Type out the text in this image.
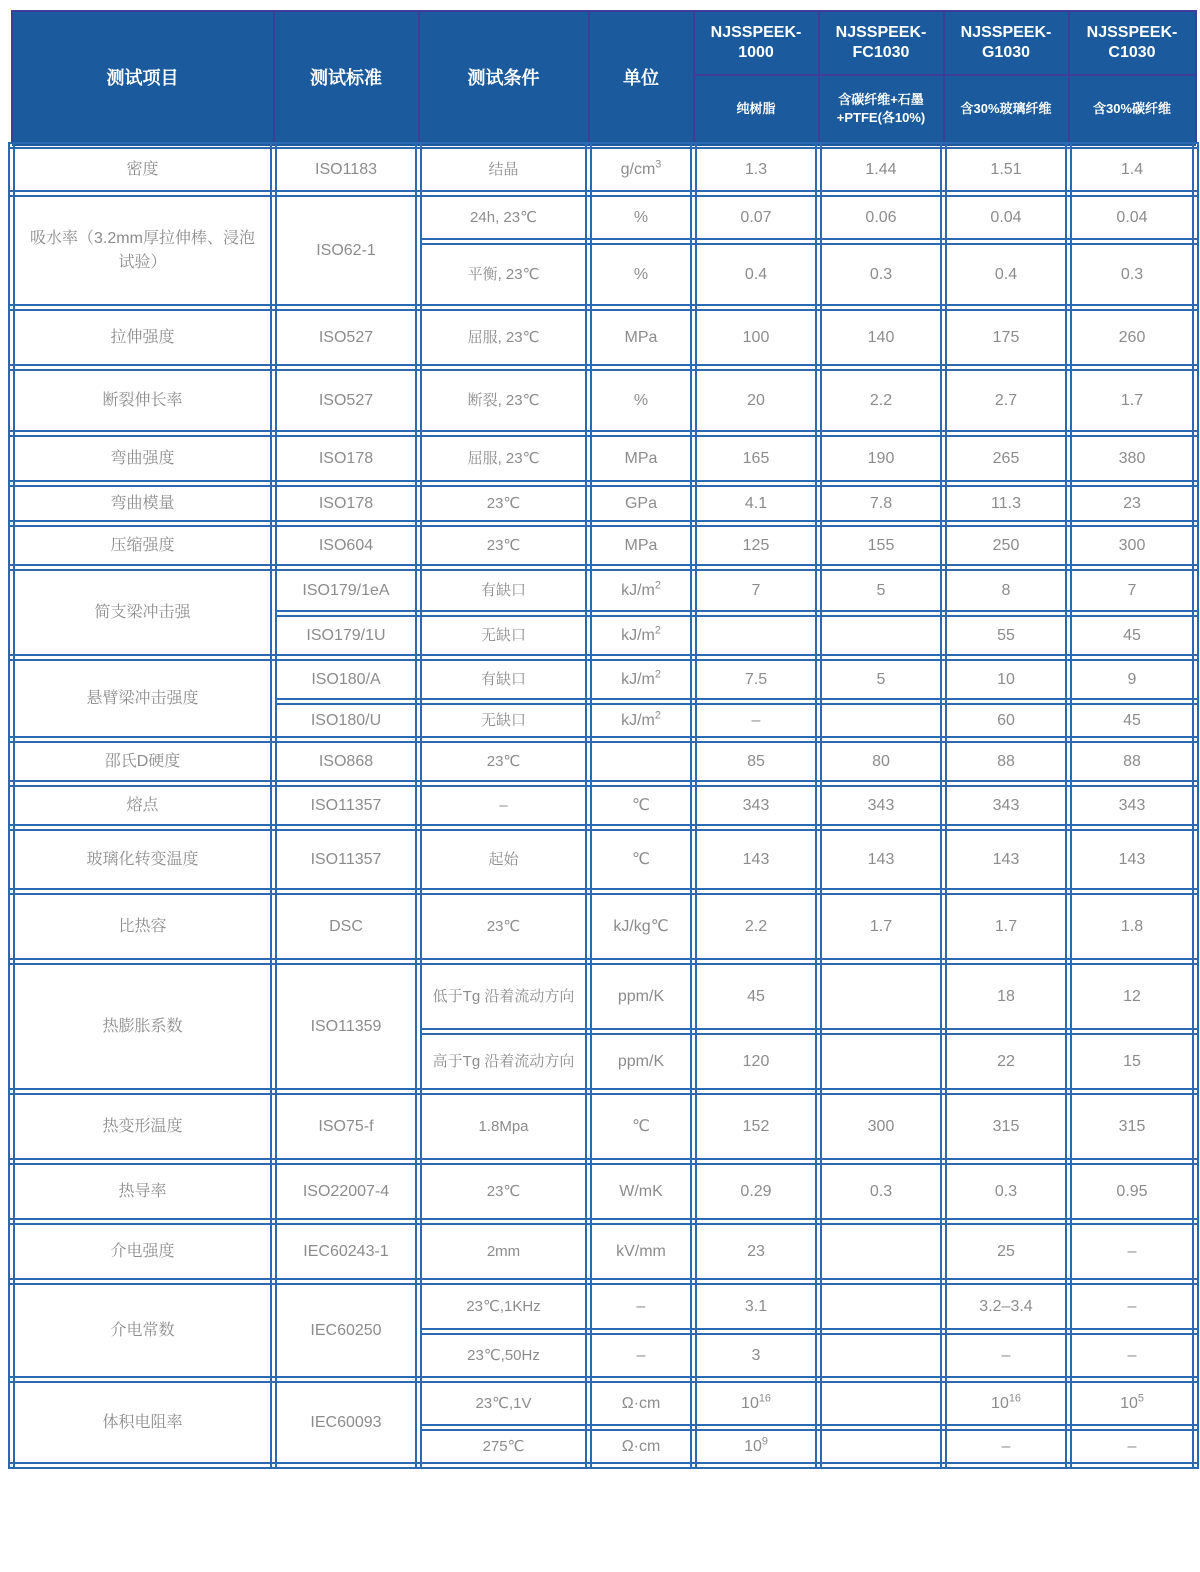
测试项目	测试标准	测试条件	单位	NJSSPEEK-1000	NJSSPEEK-FC1030	NJSSPEEK-G1030	NJSSPEEK-C1030
				纯树脂	含碳纤维+石墨+PTFE(各10%)	含30%玻璃纤维	含30%碳纤维
密度	ISO1183	结晶	$g/cm^3$	1.3	1.44	1.51	1.4
吸水率（3.2mm厚拉伸棒、浸泡试验）	ISO62-1	24h, 23℃	%	0.07	0.06	0.04	0.04
		平衡, 23℃	%	0.4	0.3	0.4	0.3
拉伸强度	ISO527	屈服, 23℃	MPa	100	140	175	260
断裂伸长率	ISO527	断裂, 23℃	%	20	2.2	2.7	1.7
弯曲强度	ISO178	屈服, 23℃	MPa	165	190	265	380
弯曲模量	ISO178	23℃	GPa	4.1	7.8	11.3	23
压缩强度	ISO604	23℃	MPa	125	155	250	300
简支梁冲击强	ISO179/1eA	有缺口	$kJ/m^2$	7	5	8	7
	ISO179/1U	无缺口	$kJ/m^2$			55	45
悬臂梁冲击强度	ISO180/A	有缺口	$kJ/m^2$	7.5	5	10	9
	ISO180/U	无缺口	$kJ/m^2$	–		60	45
邵氏D硬度	ISO868	23℃		85	80	88	88
熔点	ISO11357	–	℃	343	343	343	343
玻璃化转变温度	ISO11357	起始	℃	143	143	143	143
比热容	DSC	23℃	kJ/kg℃	2.2	1.7	1.7	1.8
热膨胀系数	ISO11359	低于Tg 沿着流动方向	ppm/K	45		18	12
		高于Tg 沿着流动方向	ppm/K	120		22	15
热变形温度	ISO75-f	1.8Mpa	℃	152	300	315	315
热导率	ISO22007-4	23℃	W/mK	0.29	0.3	0.3	0.95
介电强度	IEC60243-1	2mm	kV/mm	23		25	–
介电常数	IEC60250	23℃,1KHz	–	3.1		3.2–3.4	–
		23℃,50Hz	–	3		–	–
体积电阻率	IEC60093	23℃,1V	Ω·cm	$10^{16}$		$10^{16}$	$10^5$
		275℃	Ω·cm	$10^9$		–	–
